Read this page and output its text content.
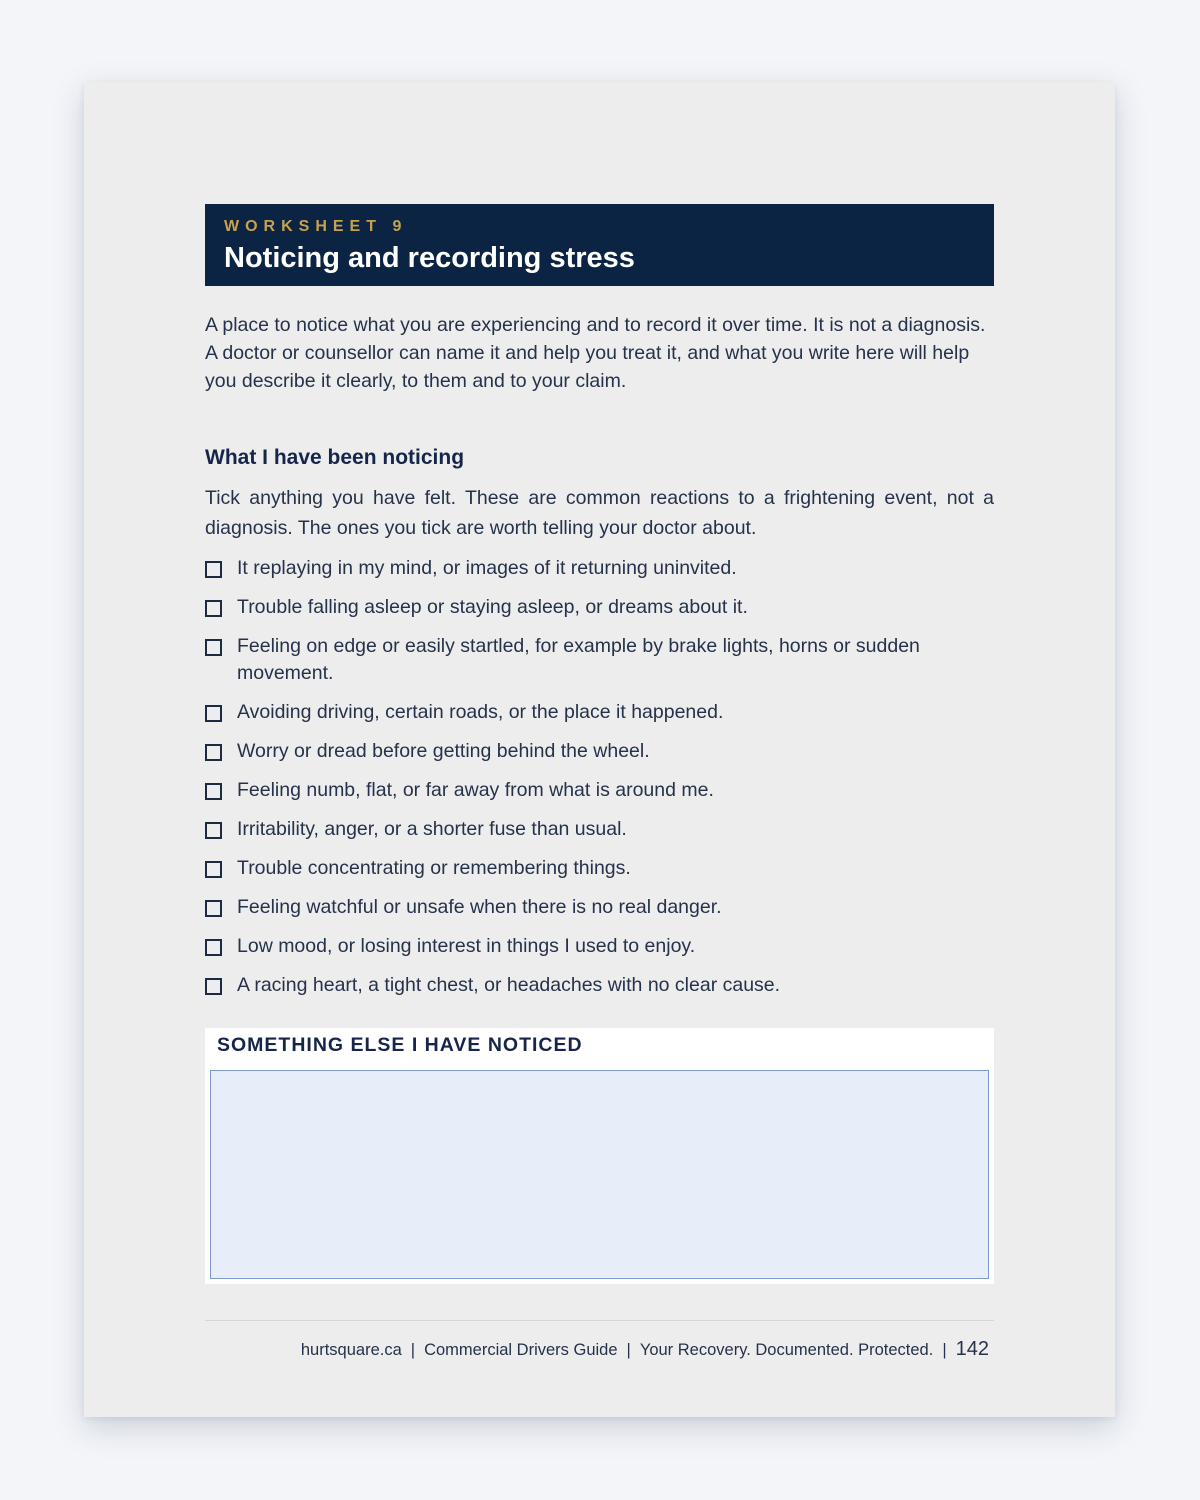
WORKSHEET 9
Noticing and recording stress

A place to notice what you are experiencing and to record it over time. It is not a diagnosis. A doctor or counsellor can name it and help you treat it, and what you write here will help you describe it clearly, to them and to your claim.

What I have been noticing

Tick anything you have felt. These are common reactions to a frightening event, not a diagnosis. The ones you tick are worth telling your doctor about.

It replaying in my mind, or images of it returning uninvited.
Trouble falling asleep or staying asleep, or dreams about it.
Feeling on edge or easily startled, for example by brake lights, horns or sudden movement.
Avoiding driving, certain roads, or the place it happened.
Worry or dread before getting behind the wheel.
Feeling numb, flat, or far away from what is around me.
Irritability, anger, or a shorter fuse than usual.
Trouble concentrating or remembering things.
Feeling watchful or unsafe when there is no real danger.
Low mood, or losing interest in things I used to enjoy.
A racing heart, a tight chest, or headaches with no clear cause.
SOMETHING ELSE I HAVE NOTICED
hurtsquare.ca | Commercial Drivers Guide | Your Recovery. Documented. Protected. | 142
